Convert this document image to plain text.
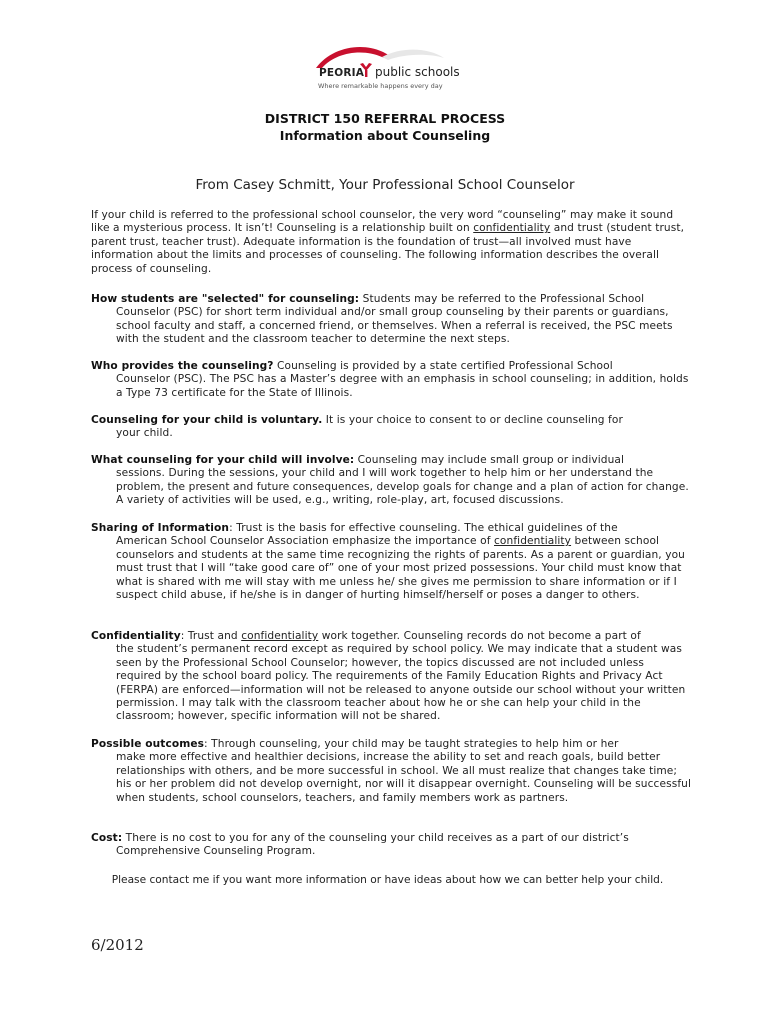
PEORIA public schools
Where remarkable happens every day
DISTRICT 150 REFERRAL PROCESS
Information about Counseling
From Casey Schmitt, Your Professional School Counselor
If your child is referred to the professional school counselor, the very word “counseling” may make it sound like a mysterious process. It isn’t! Counseling is a relationship built on confidentiality and trust (student trust, parent trust, teacher trust). Adequate information is the foundation of trust—all involved must have information about the limits and processes of counseling. The following information describes the overall process of counseling.
How students are "selected" for counseling: Students may be referred to the Professional School
Counselor (PSC) for short term individual and/or small group counseling by their parents or guardians, school faculty and staff, a concerned friend, or themselves. When a referral is received, the PSC meets with the student and the classroom teacher to determine the next steps.
Who provides the counseling? Counseling is provided by a state certified Professional School
Counselor (PSC). The PSC has a Master’s degree with an emphasis in school counseling; in addition, holds a Type 73 certificate for the State of Illinois.
Counseling for your child is voluntary. It is your choice to consent to or decline counseling for
your child.
What counseling for your child will involve: Counseling may include small group or individual
sessions. During the sessions, your child and I will work together to help him or her understand the problem, the present and future consequences, develop goals for change and a plan of action for change. A variety of activities will be used, e.g., writing, role-play, art, focused discussions.
Sharing of Information: Trust is the basis for effective counseling. The ethical guidelines of the
American School Counselor Association emphasize the importance of confidentiality between school counselors and students at the same time recognizing the rights of parents. As a parent or guardian, you must trust that I will “take good care of” one of your most prized possessions. Your child must know that what is shared with me will stay with me unless he/ she gives me permission to share information or if I suspect child abuse, if he/she is in danger of hurting himself/herself or poses a danger to others.
Confidentiality: Trust and confidentiality work together. Counseling records do not become a part of
the student’s permanent record except as required by school policy. We may indicate that a student was seen by the Professional School Counselor; however, the topics discussed are not included unless required by the school board policy. The requirements of the Family Education Rights and Privacy Act (FERPA) are enforced—information will not be released to anyone outside our school without your written permission. I may talk with the classroom teacher about how he or she can help your child in the classroom; however, specific information will not be shared.
Possible outcomes: Through counseling, your child may be taught strategies to help him or her
make more effective and healthier decisions, increase the ability to set and reach goals, build better relationships with others, and be more successful in school. We all must realize that changes take time; his or her problem did not develop overnight, nor will it disappear overnight. Counseling will be successful when students, school counselors, teachers, and family members work as partners.
Cost: There is no cost to you for any of the counseling your child receives as a part of our district’s
Comprehensive Counseling Program.
Please contact me if you want more information or have ideas about how we can better help your child.
6/2012
